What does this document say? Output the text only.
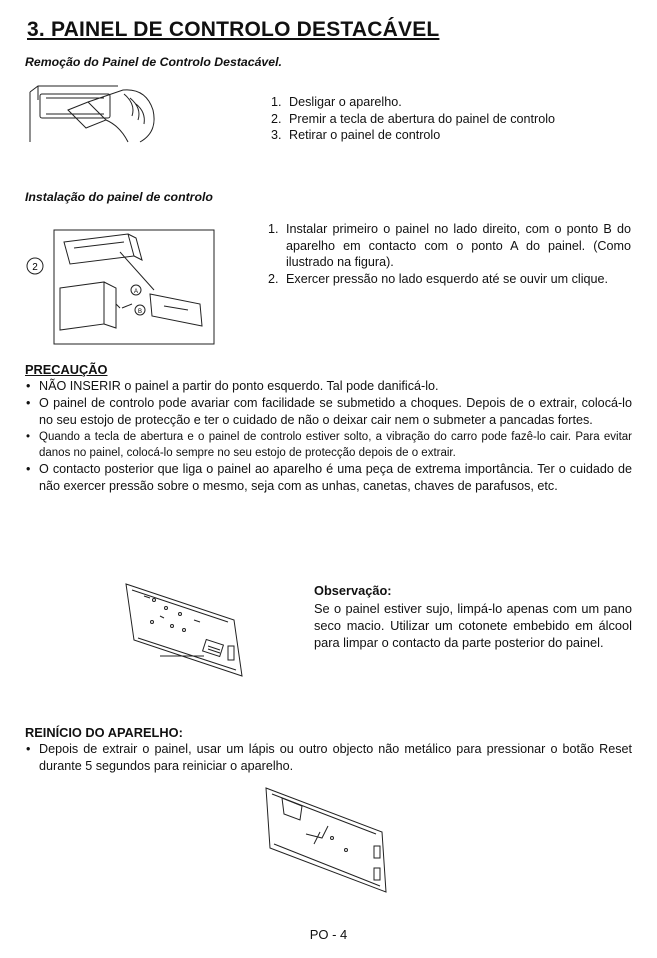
3. PAINEL DE CONTROLO DESTACÁVEL
Remoção do Painel de Controlo Destacável.
1. Desligar o aparelho.
2. Premir a tecla de abertura do painel de controlo
3. Retirar o painel de controlo
Instalação do painel de controlo
2
A
B
1. Instalar primeiro o painel no lado direito, com o ponto B do aparelho em contacto com o ponto A do painel. (Como ilustrado na figura).
2. Exercer pressão no lado esquerdo até se ouvir um clique.
PRECAUÇÃO
• NÃO INSERIR o painel a partir do ponto esquerdo. Tal pode danificá-lo.
• O painel de controlo pode avariar com facilidade se submetido a choques. Depois de o extrair, colocá-lo no seu estojo de protecção e ter o cuidado de não o deixar cair nem o submeter a pancadas fortes.
• Quando a tecla de abertura e o painel de controlo estiver solto, a vibração do carro pode fazê-lo cair. Para evitar danos no painel, colocá-lo sempre no seu estojo de protecção depois de o extrair.
• O contacto posterior que liga o painel ao aparelho é uma peça de extrema importância. Ter o cuidado de não exercer pressão sobre o mesmo, seja com as unhas, canetas, chaves de parafusos, etc.
Observação:
Se o painel estiver sujo, limpá-lo apenas com um pano seco macio. Utilizar um cotonete embebido em álcool para limpar o contacto da parte posterior do painel.
REINÍCIO DO APARELHO:
• Depois de extrair o painel, usar um lápis ou outro objecto não metálico para pressionar o botão Reset durante 5 segundos para reiniciar o aparelho.
PO - 4
